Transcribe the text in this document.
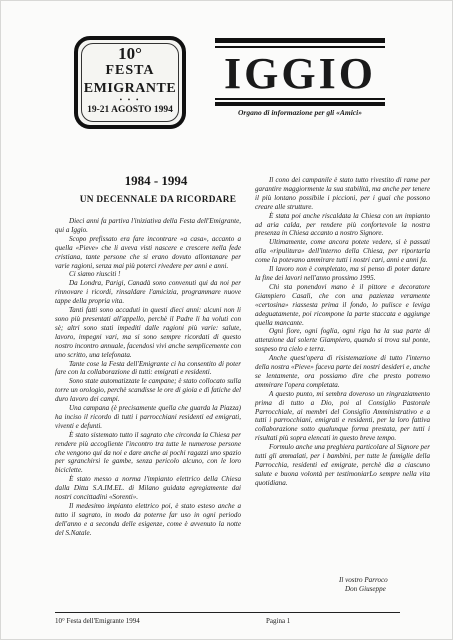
10°
FESTA
EMIGRANTE
• • •
19-21 AGOSTO 1994
IGGIO
Organo di informazione per gli «Amici»
1984 - 1994
UN DECENNALE DA RICORDARE

Dieci anni fa partiva l'iniziativa della Festa dell'Emigrante, qui a Iggio.

Scopo prefissato era fare incontrare «a casa», accanto a quella «Pieve» che li aveva visti nascere e crescere nella fede cristiana, tante persone che si erano dovuto allontanare per varie ragioni, senza mai più poterci rivedere per anni e anni.

Ci siamo riusciti !

Da Londra, Parigi, Canadà sono convenuti qui da noi per rinnovare i ricordi, rinsaldare l'amicizia, programmare nuove tappe della propria vita.

Tanti fatti sono accaduti in questi dieci anni: alcuni non li sono più presentati all'appello, perchè il Padre li ha voluti con sè; altri sono stati impediti dalle ragioni più varie: salute, lavoro, impegni vari, ma si sono sempre ricordati di questo nostro incontro annuale, facendosi vivi anche semplicemente con uno scritto, una telefonata.

Tante cose la Festa dell'Emigrante ci ha consentito di poter fare con la collaborazione di tutti: emigrati e residenti.

Sono state automatizzate le campane; è stato collocato sulla torre un orologio, perchè scandisse le ore di gioia e di fatiche del duro lavoro dei campi.

Una campana (è precisamente quella che guarda la Piazza) ha inciso il ricordo di tutti i parrocchiani residenti ed emigrati, viventi e defunti.

È stato sistemato tutto il sagrato che circonda la Chiesa per rendere più accogliente l'incontro tra tutte le numerose persone che vengono qui da noi e dare anche ai pochi ragazzi uno spazio per sgranchirsi le gambe, senza pericolo alcuno, con le loro biciclette.

È stato messo a norma l'impianto elettrico della Chiesa dalla Ditta S.A.IM.EL. di Milano guidata egregiamente dai nostri concittadini «Sorenti».

Il medesimo impianto elettrico poi, è stato esteso anche a tutto il sagrato, in modo da poterne far uso in ogni periodo dell'anno e a seconda delle esigenze, come è avvenuto la notte del S.Natale.

Il cono dei campanile è stato tutto rivestito di rame per garantire maggiormente la sua stabilità, ma anche per tenere il più lontano possibile i piccioni, per i guai che possono creare alle strutture.

È stata poi anche riscaldata la Chiesa con un impianto ad aria calda, per rendere più confortevole la nostra presenza in Chiesa accanto a nostro Signore.

Ultimamente, come ancora potete vedere, si è passati alla «ripulitura» dell'interno della Chiesa, per riportarla come la potevano ammirare tutti i nostri cari, anni e anni fa.

Il lavoro non è completato, ma si penso di poter datare la fine dei lavori nell'anno prossimo 1995.

Chi sta ponendovi mano è il pittore e decoratore Giampiero Casali, che con una pazienza veramente «certosina» riassesta prima il fondo, lo pulisce e leviga adeguatamente, poi ricompone la parte staccata e aggiunge quella mancante.

Ogni fiore, ogni foglia, ogni riga ha la sua parte di attenzione dal solerte Giampiero, quando si trova sul ponte, sospeso tra cielo e terra.

Anche quest'opera di risistemazione di tutto l'interno della nostra «Pieve» faceva parte dei nostri desideri e, anche se lentamente, ora possiamo dire che presto potremo ammirare l'opera completata.

A questo punto, mi sembra doveroso un ringraziamento prima di tutto a Dio, poi al Consiglio Pastorale Parrocchiale, ai membri del Consiglio Amministrativo e a tutti i parrocchiani, emigrati e residenti, per la loro fattiva collaborazione sotto qualunque forma prestata, per tutti i risultati più sopra elencati in questo breve tempo.

Formulo anche una preghiera particolare al Signore per tutti gli ammalati, per i bambini, per tutte le famiglie della Parrocchia, residenti ed emigrate, perchè dia a ciascuno salute e buona volontà per testimoniarLo sempre nella vita quotidiana.

Il vostro Parroco
Don Giuseppe
10° Festa dell'Emigrante 1994	Pagina 1
